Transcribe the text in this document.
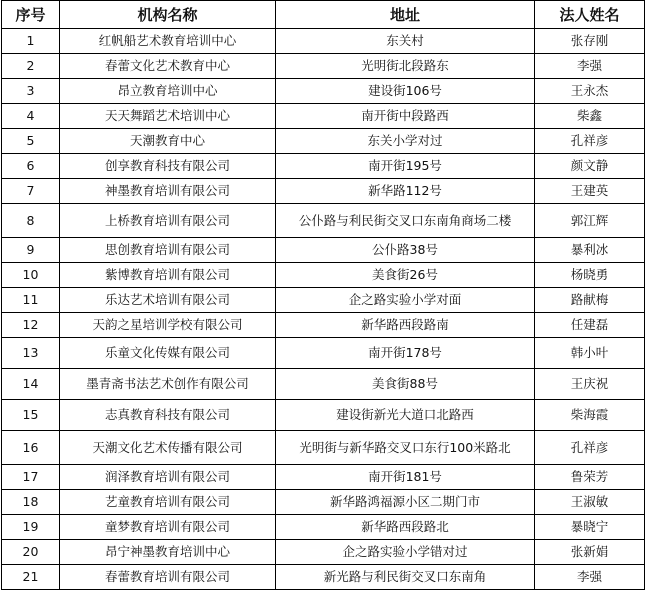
序号	机构名称	地址	法人姓名
1	红帆船艺术教育培训中心	东关村	张存刚
2	春蕾文化艺术教育中心	光明街北段路东	李强
3	昂立教育培训中心	建设街106号	王永杰
4	天天舞蹈艺术培训中心	南开街中段路西	柴鑫
5	天潮教育中心	东关小学对过	孔祥彦
6	创享教育科技有限公司	南开街195号	颜文静
7	神墨教育培训有限公司	新华路112号	王建英
8	上桥教育培训有限公司	公仆路与利民街交叉口东南角商场二楼	郭江辉
9	思创教育培训有限公司	公仆路38号	暴利冰
10	紫博教育培训有限公司	美食街26号	杨晓勇
11	乐达艺术培训有限公司	企之路实验小学对面	路献梅
12	天韵之星培训学校有限公司	新华路西段路南	任建磊
13	乐童文化传媒有限公司	南开街178号	韩小叶
14	墨青斋书法艺术创作有限公司	美食街88号	王庆祝
15	志真教育科技有限公司	建设街新光大道口北路西	柴海霞
16	天潮文化艺术传播有限公司	光明街与新华路交叉口东行100米路北	孔祥彦
17	润泽教育培训有限公司	南开街181号	鲁荣芳
18	艺童教育培训有限公司	新华路鸿福源小区二期门市	王淑敏
19	童梦教育培训有限公司	新华路西段路北	暴晓宁
20	昂宁神墨教育培训中心	企之路实验小学错对过	张新娟
21	春蕾教育培训有限公司	新光路与利民街交叉口东南角	李强
